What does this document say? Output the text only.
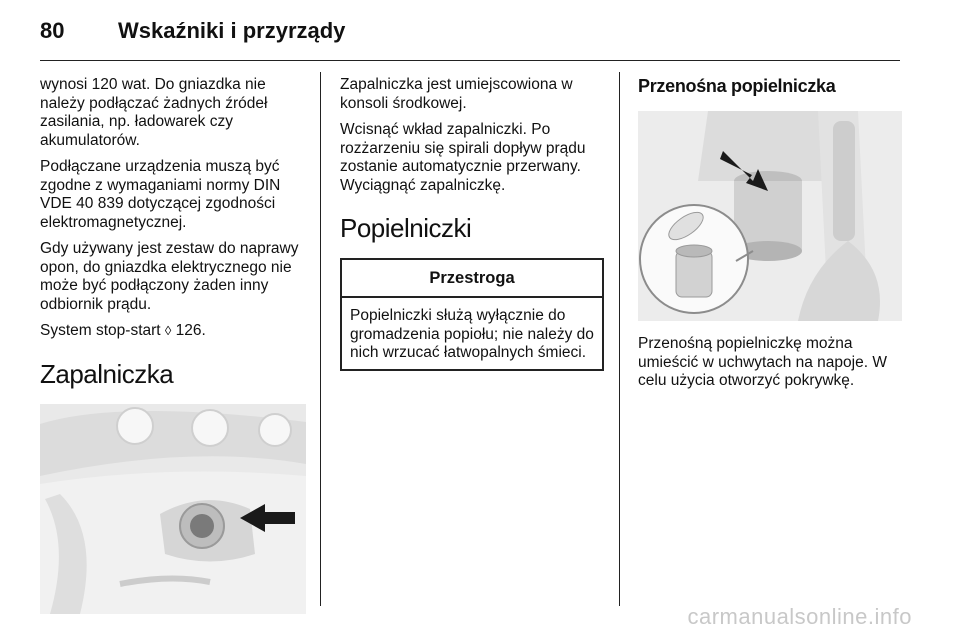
80 Wskaźniki i przyrządy

wynosi 120 wat. Do gniazdka nie należy podłączać żadnych źródeł zasilania, np. ładowarek czy akumulatorów.

Podłączane urządzenia muszą być zgodne z wymaganiami normy DIN VDE 40 839 dotyczącej zgodności elektromagnetycznej.

Gdy używany jest zestaw do naprawy opon, do gniazdka elektrycznego nie może być podłączony żaden inny odbiornik prądu.

System stop-start ◊ 126.

Zapalniczka

Zapalniczka jest umiejscowiona w konsoli środkowej.

Wcisnąć wkład zapalniczki. Po rozżarzeniu się spirali dopływ prądu zostanie automatycznie przerwany. Wyciągnąć zapalniczkę.

Popielniczki
Przestroga

Popielniczki służą wyłącznie do gromadzenia popiołu; nie należy do nich wrzucać łatwopalnych śmieci.

Przenośna popielniczka

Przenośną popielniczkę można umieścić w uchwytach na napoje. W celu użycia otworzyć pokrywkę.

carmanualsonline.info
